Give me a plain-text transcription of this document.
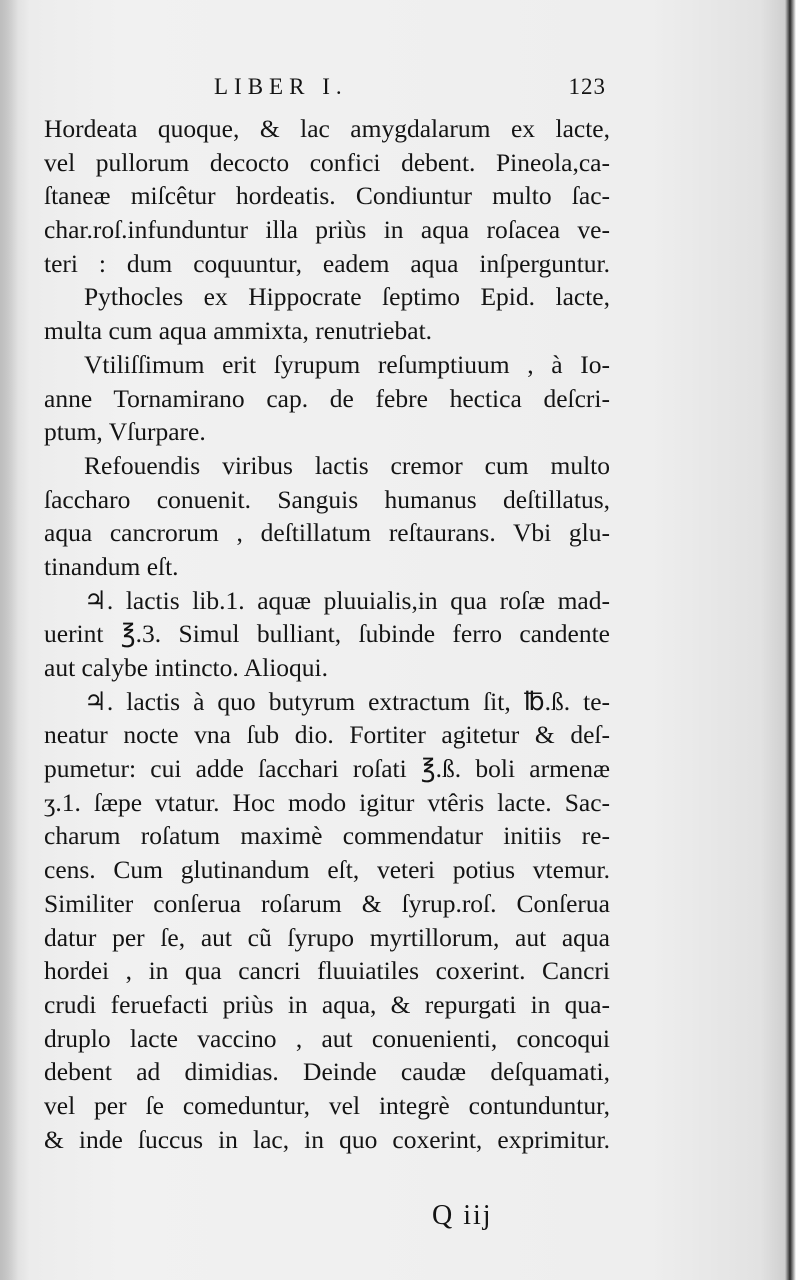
LIBER I.	123
Hordeata quoque, & lac amygdalarum ex lacte,
vel pullorum decocto confici debent. Pineola,ca-
ſtaneæ miſcêtur hordeatis. Condiuntur multo ſac-
char.roſ.infunduntur illa priùs in aqua roſacea ve-
teri : dum coquuntur, eadem aqua inſperguntur.
Pythocles ex Hippocrate ſeptimo Epid. lacte,
multa cum aqua ammixta, renutriebat.
Vtiliſſimum erit ſyrupum reſumptiuum , à Io-
anne Tornamirano cap. de febre hectica deſcri-
ptum, Vſurpare.
Refouendis viribus lactis cremor cum multo
ſaccharo conuenit. Sanguis humanus deſtillatus,
aqua cancrorum , deſtillatum reſtaurans. Vbi glu-
tinandum eſt.
♃. lactis lib.1. aquæ pluuialis,in qua roſæ mad-
uerint ℥.3. Simul bulliant, ſubinde ferro candente
aut calybe intincto. Alioqui.
♃. lactis à quo butyrum extractum ſit, ℔.ß. te-
neatur nocte vna ſub dio. Fortiter agitetur & deſ-
pumetur: cui adde ſacchari roſati ℥.ß. boli armenæ
ʒ.1. ſæpe vtatur. Hoc modo igitur vtêris lacte. Sac-
charum roſatum maximè commendatur initiis re-
cens. Cum glutinandum eſt, veteri potius vtemur.
Similiter conſerua roſarum & ſyrup.roſ. Conſerua
datur per ſe, aut cũ ſyrupo myrtillorum, aut aqua
hordei , in qua cancri fluuiatiles coxerint. Cancri
crudi feruefacti priùs in aqua, & repurgati in qua-
druplo lacte vaccino , aut conuenienti, concoqui
debent ad dimidias. Deinde caudæ deſquamati,
vel per ſe comeduntur, vel integrè contunduntur,
& inde ſuccus in lac, in quo coxerint, exprimitur.
Q iij
